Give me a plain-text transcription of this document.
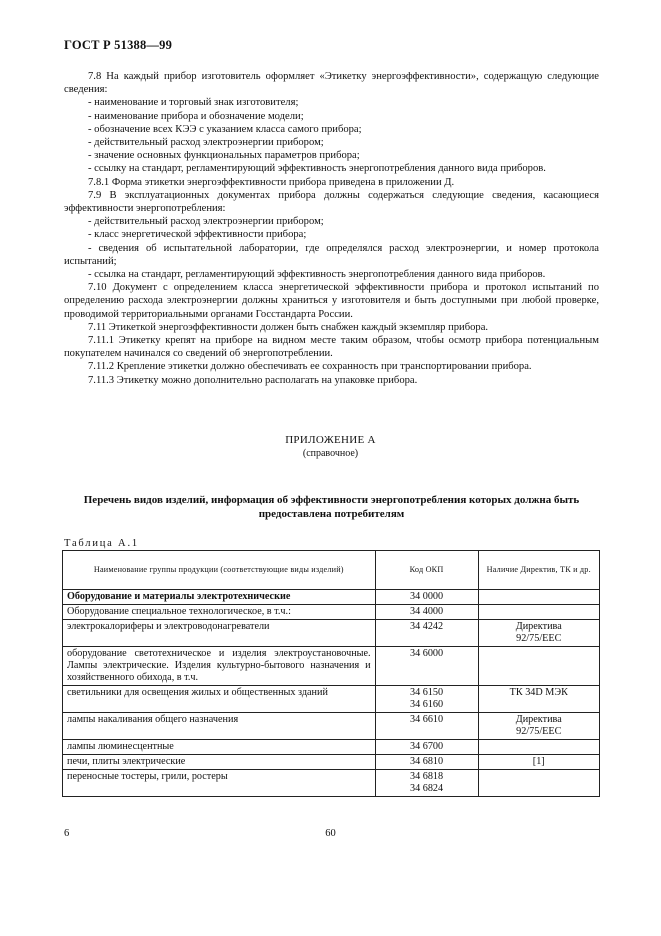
ГОСТ Р 51388—99

7.8 На каждый прибор изготовитель оформляет «Этикетку энергоэффективности», содержащую следующие сведения:

- наименование и торговый знак изготовителя;

- наименование прибора и обозначение модели;

- обозначение всех КЭЭ с указанием класса самого прибора;

- действительный расход электроэнергии прибором;

- значение основных функциональных параметров прибора;

- ссылку на стандарт, регламентирующий эффективность энергопотребления данного вида приборов.

7.8.1 Форма этикетки энергоэффективности прибора приведена в приложении Д.

7.9 В эксплуатационных документах прибора должны содержаться следующие сведения, касающиеся эффективности энергопотребления:

- действительный расход электроэнергии прибором;

- класс энергетической эффективности прибора;

- сведения об испытательной лаборатории, где определялся расход электроэнергии, и номер протокола испытаний;

- ссылка на стандарт, регламентирующий эффективность энергопотребления данного вида приборов.

7.10 Документ с определением класса энергетической эффективности прибора и протокол испытаний по определению расхода электроэнергии должны храниться у изготовителя и быть доступными при любой проверке, проводимой территориальными органами Госстандарта России.

7.11 Этикеткой энергоэффективности должен быть снабжен каждый экземпляр прибора.

7.11.1 Этикетку крепят на приборе на видном месте таким образом, чтобы осмотр прибора потенциальным покупателем начинался со сведений об энергопотреблении.

7.11.2 Крепление этикетки должно обеспечивать ее сохранность при транспортировании прибора.

7.11.3 Этикетку можно дополнительно располагать на упаковке прибора.

ПРИЛОЖЕНИЕ А
(справочное)
Перечень видов изделий, информация об эффективности энергопотребления которых должна быть предоставлена потребителям
Таблица А.1
Наименование группы продукции (соответствующие виды изделий)	Код ОКП	Наличие Директив, ТК и др.
Оборудование и материалы электротехнические	34 0000	
Оборудование специальное технологическое, в т.ч.:	34 4000	
электрокалориферы и электроводонагреватели	34 4242	Директива
92/75/ЕЕС
оборудование светотехническое и изделия электроустановочные. Лампы электрические. Изделия культурно-бытового назначения и хозяйственного обихода, в т.ч.	34 6000	
светильники для освещения жилых и общественных зданий	34 6150
34 6160	ТК 34D МЭК
лампы накаливания общего назначения	34 6610	Директива
92/75/ЕЕС
лампы люминесцентные	34 6700	
печи, плиты электрические	34 6810	[1]
переносные тостеры, грили, ростеры	34 6818
34 6824	
6	60
